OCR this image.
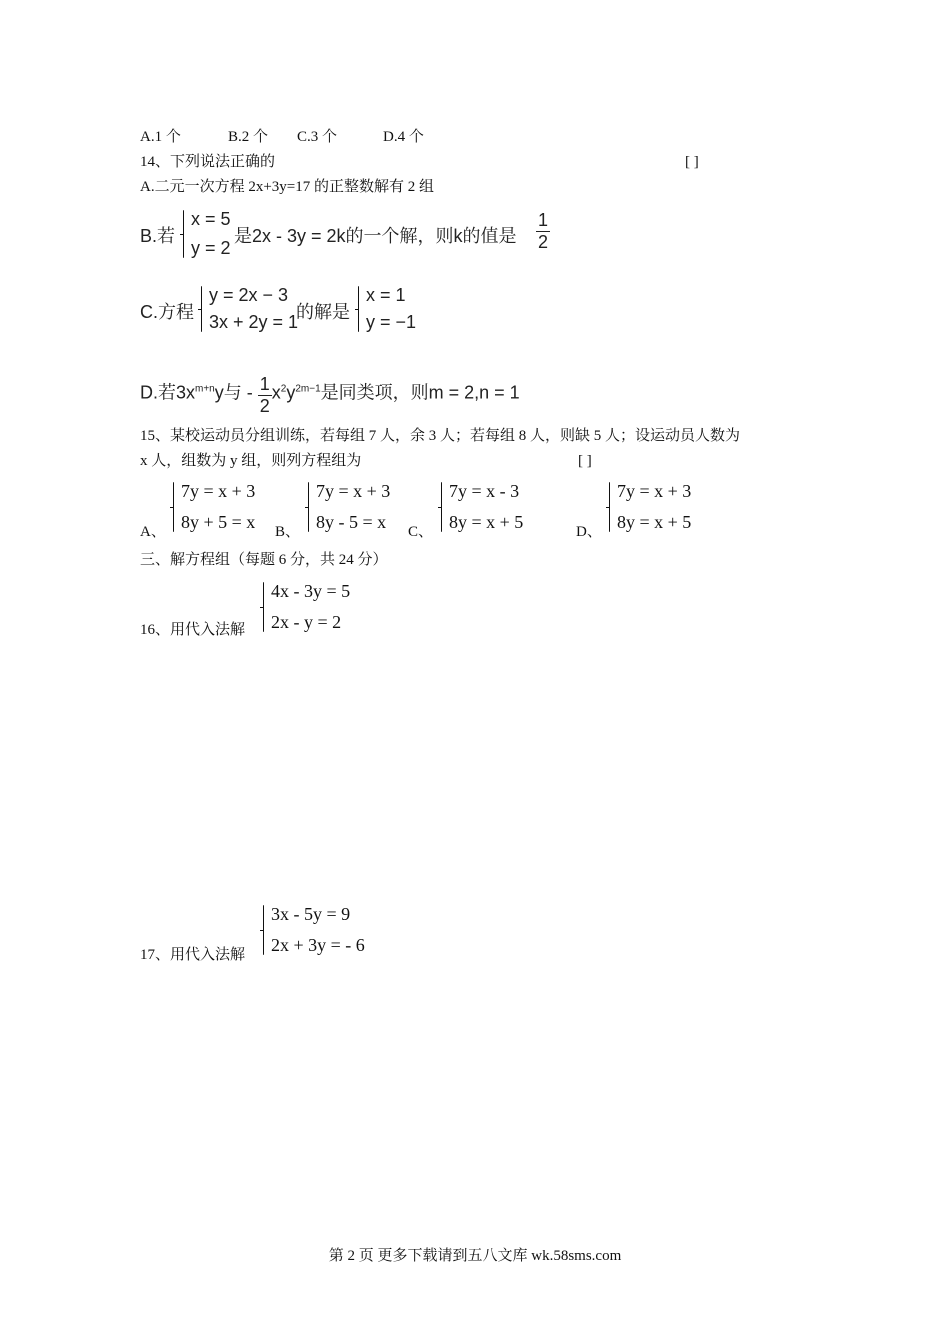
A.1 个	B.2 个 C.3 个	D.4 个
14、下列说法正确的	[ ]
A.二元一次方程 2x+3y=17 的正整数解有 2 组
B.若
x = 5
y = 2
是2x - 3y = 2k的一个解，则k的值是 $\frac{1}{2}$
C.方程
y = 2x − 3
3x + 2y = 1
的解是
x = 1
y = −1
D.若$3x^{m+n}y$与 - $\frac{1}{2} x^2y^{2m-1}$是同类项，则m = 2,n = 1
15、某校运动员分组训练，若每组 7 人，余 3 人；若每组 8 人，则缺 5 人；设运动员人数为
x 人，组数为 y 组，则列方程组为	[ ]
A、
7y = x + 3
8y + 5 = x B、
7y = x + 3
8y - 5 = x C、
7y = x - 3
8y = x + 5	D、
7y = x + 3
8y = x + 5
三、解方程组（每题 6 分，共 24 分）
16、用代入法解
4x - 3y = 5
2x - y = 2
17、用代入法解
3x - 5y = 9
2x + 3y = - 6
第 2 页 更多下载请到五八文库 wk.58sms.com
